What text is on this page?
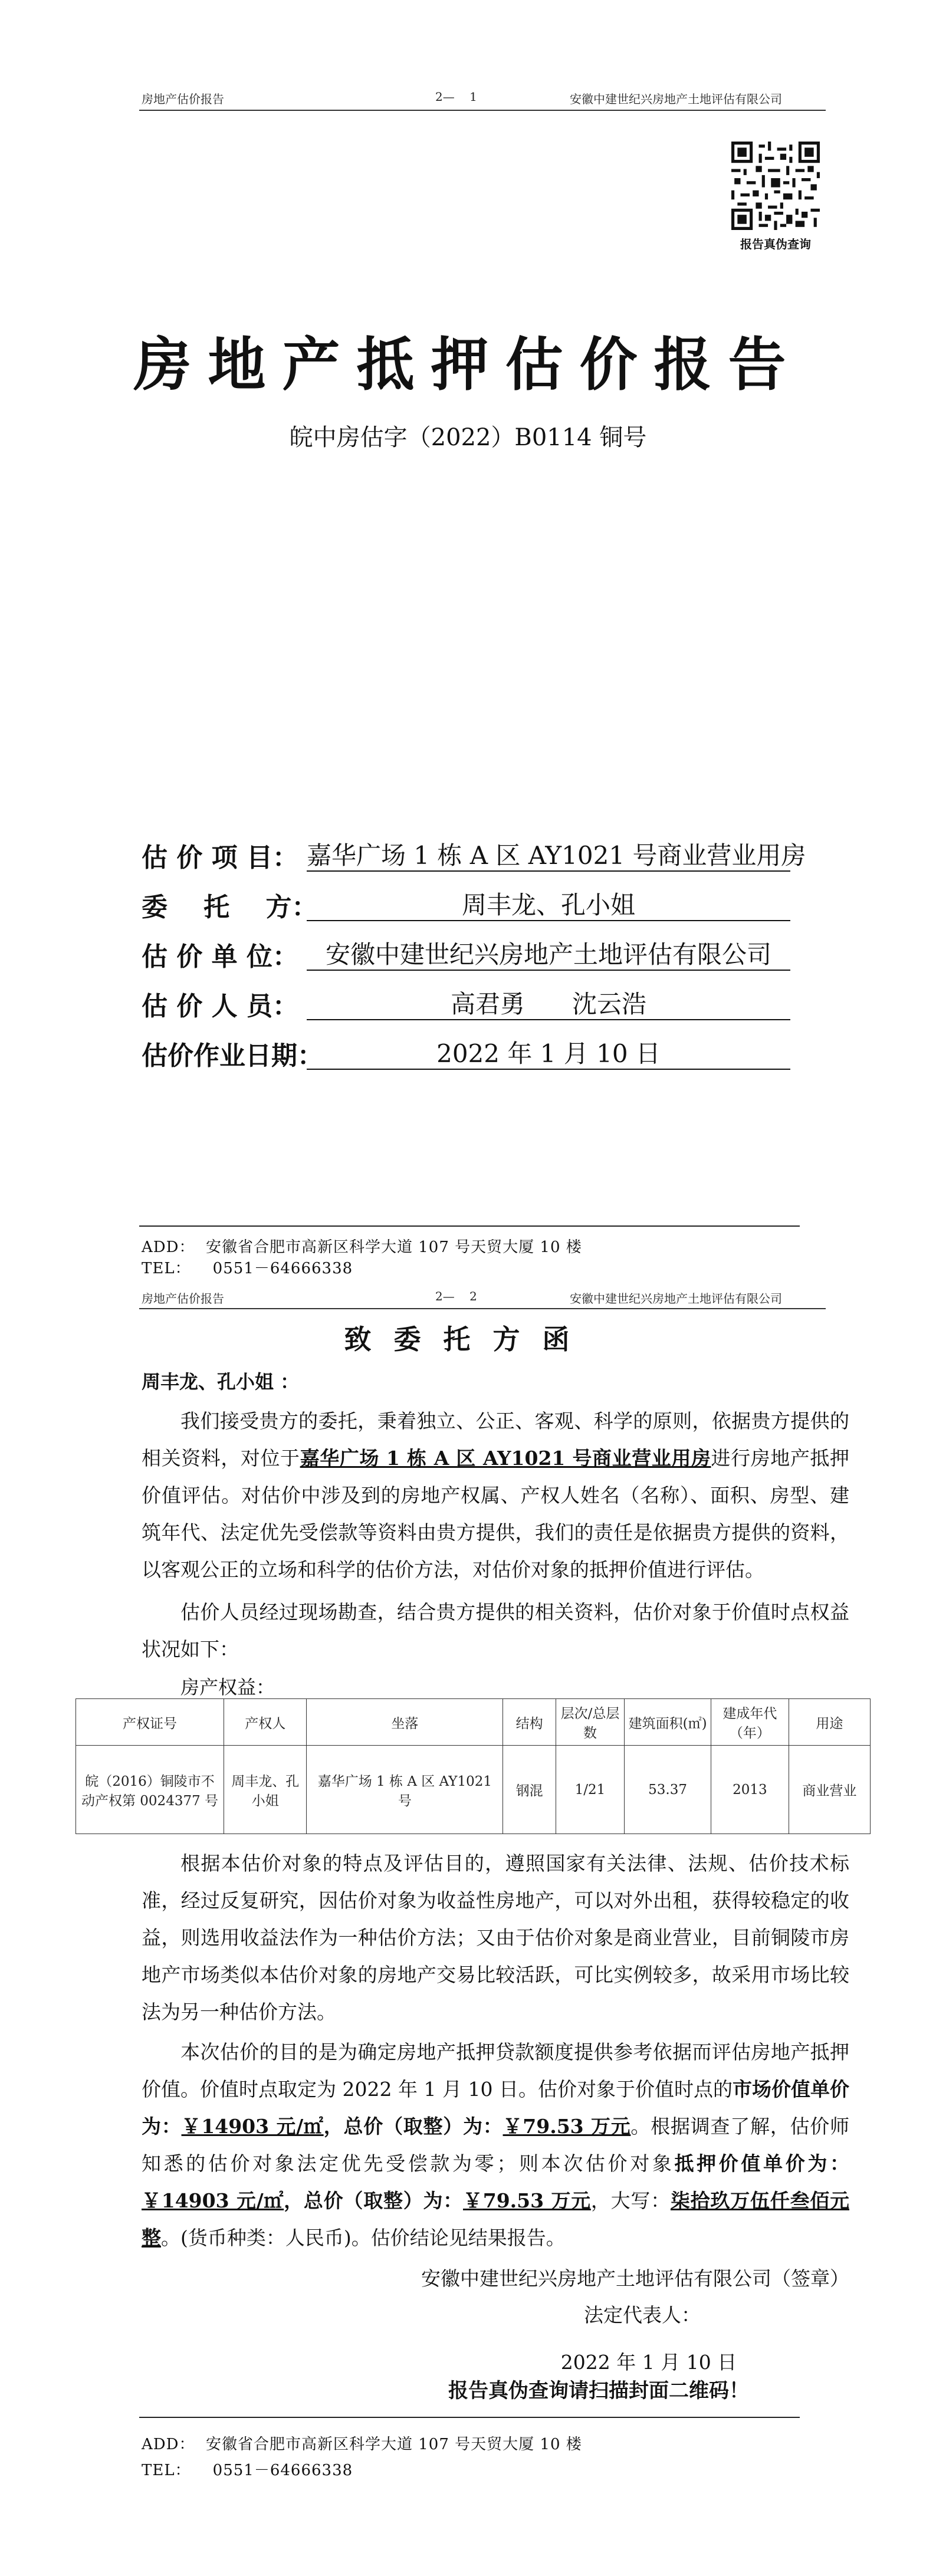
房地产估价报告	2—    1	安徽中建世纪兴房地产土地评估有限公司
报告真伪查询
房地产抵押估价报告
皖中房估字（2022）B0114 铜号
估 价 项 目： 嘉华广场 1 栋 A 区 AY1021 号商业营业用房
委    托    方：	周丰龙、孔小姐
估 价 单 位：	安徽中建世纪兴房地产土地评估有限公司
估 价 人 员：	高君勇      沈云浩
估价作业日期：	2022 年 1 月 10 日
ADD：  安徽省合肥市高新区科学大道 107 号天贸大厦 10 楼
TEL：    0551－64666338
房地产估价报告	2—    2	安徽中建世纪兴房地产土地评估有限公司
致委托方函
周丰龙、孔小姐 ：
我们接受贵方的委托，秉着独立、公正、客观、科学的原则，依据贵方提供的相关资料，对位于嘉华广场 1 栋 A 区 AY1021 号商业营业用房进行房地产抵押价值评估。对估价中涉及到的房地产权属、产权人姓名（名称）、面积、房型、建筑年代、法定优先受偿款等资料由贵方提供，我们的责任是依据贵方提供的资料，以客观公正的立场和科学的估价方法，对估价对象的抵押价值进行评估。
估价人员经过现场勘查，结合贵方提供的相关资料，估价对象于价值时点权益状况如下：
房产权益：
产权证号	产权人	坐落	结构	层次/总层数	建筑面积(㎡)	建成年代（年）	用途
皖（2016）铜陵市不动产权第 0024377 号	周丰龙、孔小姐	嘉华广场 1 栋 A 区 AY1021 号	钢混	1/21	53.37	2013	商业营业
根据本估价对象的特点及评估目的，遵照国家有关法律、法规、估价技术标准，经过反复研究，因估价对象为收益性房地产，可以对外出租，获得较稳定的收益，则选用收益法作为一种估价方法；又由于估价对象是商业营业，目前铜陵市房地产市场类似本估价对象的房地产交易比较活跃，可比实例较多，故采用市场比较法为另一种估价方法。
本次估价的目的是为确定房地产抵押贷款额度提供参考依据而评估房地产抵押价值。价值时点取定为 2022 年 1 月 10 日。估价对象于价值时点的市场价值单价为：￥14903 元/㎡，总价（取整）为：￥79.53 万元。根据调查了解，估价师知悉的估价对象法定优先受偿款为零；则本次估价对象抵押价值单价为：￥14903 元/㎡，总价（取整）为：￥79.53 万元，大写：柒拾玖万伍仟叁佰元整。(货币种类：人民币)。估价结论见结果报告。
安徽中建世纪兴房地产土地评估有限公司（签章）
法定代表人：
2022 年 1 月 10 日
报告真伪查询请扫描封面二维码！
ADD：  安徽省合肥市高新区科学大道 107 号天贸大厦 10 楼
TEL：    0551－64666338
